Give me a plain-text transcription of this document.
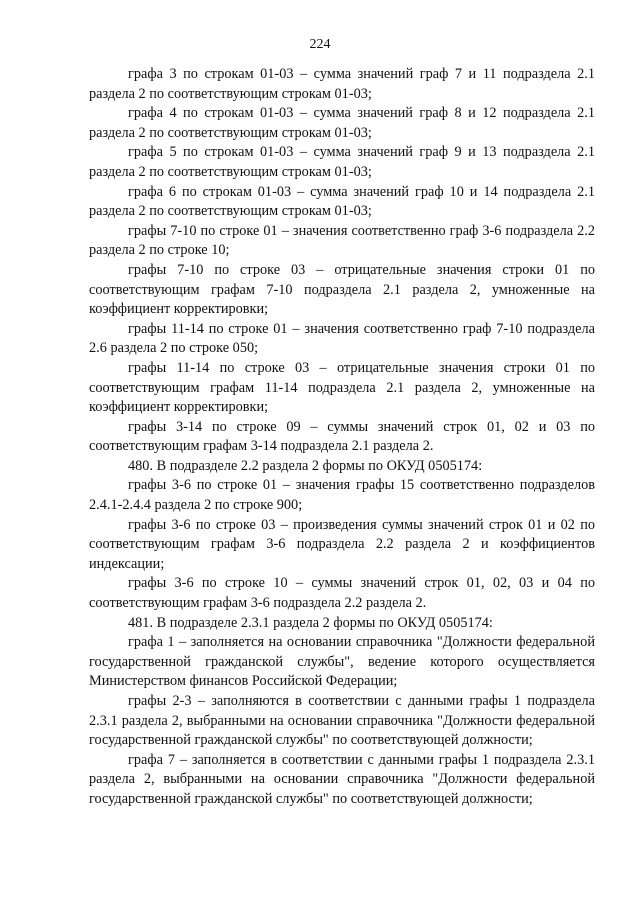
224

графа 3 по строкам 01-03 – сумма значений граф 7 и 11 подраздела 2.1 раздела 2 по соответствующим строкам 01-03;

графа 4 по строкам 01-03 – сумма значений граф 8 и 12 подраздела 2.1 раздела 2 по соответствующим строкам 01-03;

графа 5 по строкам 01-03 – сумма значений граф 9 и 13 подраздела 2.1 раздела 2 по соответствующим строкам 01-03;

графа 6 по строкам 01-03 – сумма значений граф 10 и 14 подраздела 2.1 раздела 2 по соответствующим строкам 01-03;

графы 7-10 по строке 01 – значения соответственно граф 3-6 подраздела 2.2 раздела 2 по строке 10;

графы 7-10 по строке 03 – отрицательные значения строки 01 по соответствующим графам 7-10 подраздела 2.1 раздела 2, умноженные на коэффициент корректировки;

графы 11-14 по строке 01 – значения соответственно граф 7-10 подраздела 2.6 раздела 2 по строке 050;

графы 11-14 по строке 03 – отрицательные значения строки 01 по соответствующим графам 11-14 подраздела 2.1 раздела 2, умноженные на коэффициент корректировки;

графы 3-14 по строке 09 – суммы значений строк 01, 02 и 03 по соответствующим графам 3-14 подраздела 2.1 раздела 2.

480. В подразделе 2.2 раздела 2 формы по ОКУД 0505174:

графы 3-6 по строке 01 – значения графы 15 соответственно подразделов 2.4.1-2.4.4 раздела 2 по строке 900;

графы 3-6 по строке 03 – произведения суммы значений строк 01 и 02 по соответствующим графам 3-6 подраздела 2.2 раздела 2 и коэффициентов индексации;

графы 3-6 по строке 10 – суммы значений строк 01, 02, 03 и 04 по соответствующим графам 3-6 подраздела 2.2 раздела 2.

481. В подразделе 2.3.1 раздела 2 формы по ОКУД 0505174:

графа 1 – заполняется на основании справочника "Должности федеральной государственной гражданской службы", ведение которого осуществляется Министерством финансов Российской Федерации;

графы 2-3 – заполняются в соответствии с данными графы 1 подраздела 2.3.1 раздела 2, выбранными на основании справочника "Должности федеральной государственной гражданской службы" по соответствующей должности;

графа 7 – заполняется в соответствии с данными графы 1 подраздела 2.3.1 раздела 2, выбранными на основании справочника "Должности федеральной государственной гражданской службы" по соответствующей должности;
